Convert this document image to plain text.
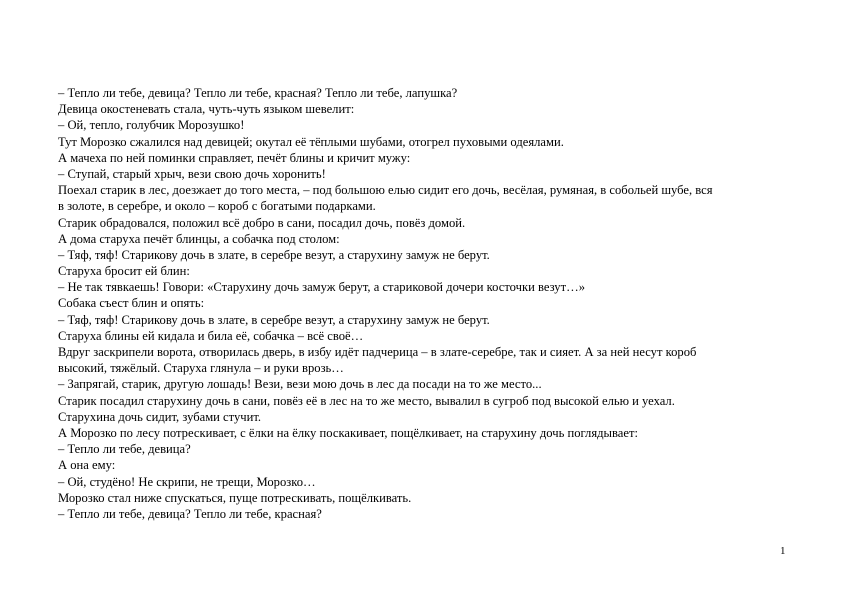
– Тепло ли тебе, девица? Тепло ли тебе, красная? Тепло ли тебе, лапушка?
Девица окостеневать стала, чуть-чуть языком шевелит:
– Ой, тепло, голубчик Морозушко!
Тут Морозко сжалился над девицей; окутал её тёплыми шубами, отогрел пуховыми одеялами.
А мачеха по ней поминки справляет, печёт блины и кричит мужу:
– Ступай, старый хрыч, вези свою дочь хоронить!
Поехал старик в лес, доезжает до того места, – под большою елью сидит его дочь, весёлая, румяная, в собольей шубе, вся
в золоте, в серебре, и около – короб с богатыми подарками.
Старик обрадовался, положил всё добро в сани, посадил дочь, повёз домой.
А дома старуха печёт блинцы, а собачка под столом:
– Тяф, тяф! Старикову дочь в злате, в серебре везут, а старухину замуж не берут.
Старуха бросит ей блин:
– Не так тявкаешь! Говори: «Старухину дочь замуж берут, а стариковой дочери косточки везут…»
Собака съест блин и опять:
– Тяф, тяф! Старикову дочь в злате, в серебре везут, а старухину замуж не берут.
Старуха блины ей кидала и била её, собачка – всё своё…
Вдруг заскрипели ворота, отворилась дверь, в избу идёт падчерица – в злате-серебре, так и сияет. А за ней несут короб
высокий, тяжёлый. Старуха глянула – и руки врозь…
– Запрягай, старик, другую лошадь! Вези, вези мою дочь в лес да посади на то же место...
Старик посадил старухину дочь в сани, повёз её в лес на то же место, вывалил в сугроб под высокой елью и уехал.
Старухина дочь сидит, зубами стучит.
А Морозко по лесу потрескивает, с ёлки на ёлку поскакивает, пощёлкивает, на старухину дочь поглядывает:
– Тепло ли тебе, девица?
А она ему:
– Ой, студёно! Не скрипи, не трещи, Морозко…
Морозко стал ниже спускаться, пуще потрескивать, пощёлкивать.
– Тепло ли тебе, девица? Тепло ли тебе, красная?
1
